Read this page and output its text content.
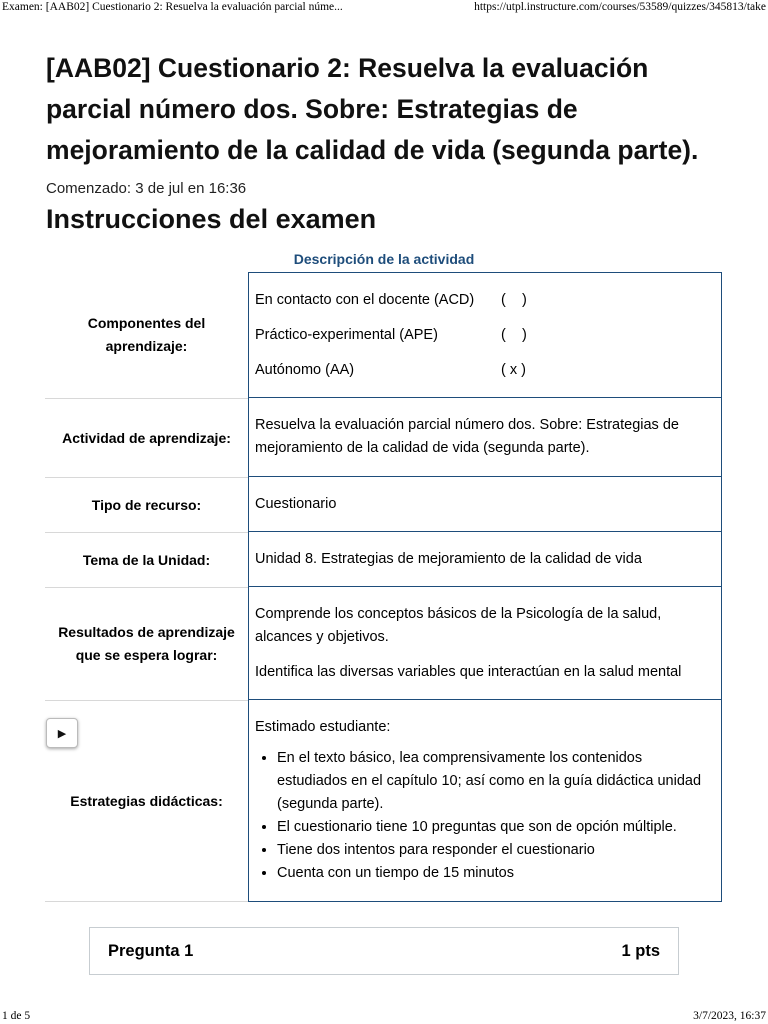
Examen: [AAB02] Cuestionario 2: Resuelva la evaluación parcial núme...	https://utpl.instructure.com/courses/53589/quizzes/345813/take
[AAB02] Cuestionario 2: Resuelva la evaluación parcial número dos. Sobre: Estrategias de mejoramiento de la calidad de vida (segunda parte).
Comenzado: 3 de jul en 16:36
Instrucciones del examen
Descripción de la actividad
Componentes del aprendizaje:
En contacto con el docente (ACD)	(    )
Práctico-experimental (APE)	(    )
Autónomo (AA)	( x )
Actividad de aprendizaje:
Resuelva la evaluación parcial número dos. Sobre: Estrategias de mejoramiento de la calidad de vida (segunda parte).
Tipo de recurso:	Cuestionario
Tema de la Unidad:	Unidad 8. Estrategias de mejoramiento de la calidad de vida
Resultados de aprendizaje que se espera lograr:
Comprende los conceptos básicos de la Psicología de la salud, alcances y objetivos.
Identifica las diversas variables que interactúan en la salud mental
Estrategias didácticas:
Estimado estudiante:
• En el texto básico, lea comprensivamente los contenidos estudiados en el capítulo 10; así como en la guía didáctica unidad (segunda parte).
• El cuestionario tiene 10 preguntas que son de opción múltiple.
• Tiene dos intentos para responder el cuestionario
• Cuenta con un tiempo de 15 minutos
▶
Pregunta 1	1 pts
1 de 5	3/7/2023, 16:37
